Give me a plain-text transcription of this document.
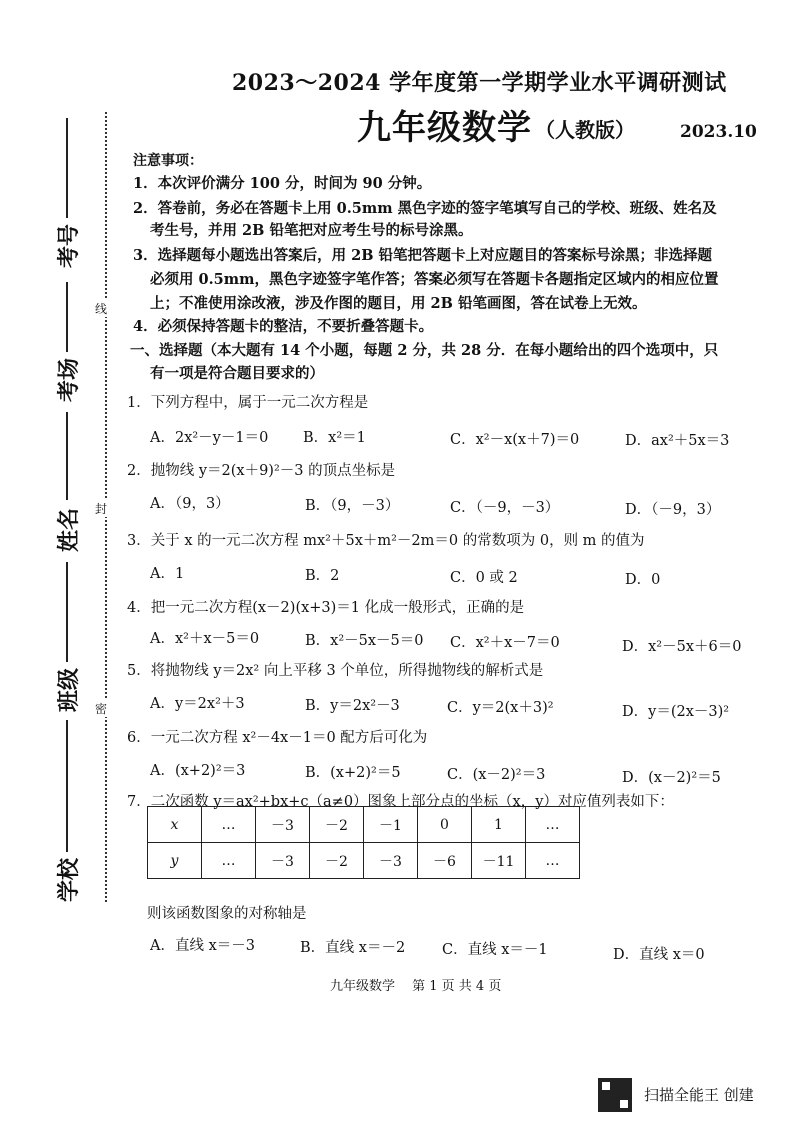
线
封
密
考号
考场
姓名
班级
学校
2023～2024 学年度第一学期学业水平调研测试
九年级数学 （人教版）	2023.10
注意事项：
1．本次评价满分 100 分，时间为 90 分钟。
2．答卷前，务必在答题卡上用 0.5mm 黑色字迹的签字笔填写自己的学校、班级、姓名及
考生号，并用 2B 铅笔把对应考生号的标号涂黑。
3．选择题每小题选出答案后，用 2B 铅笔把答题卡上对应题目的答案标号涂黑；非选择题
必须用 0.5mm，黑色字迹签字笔作答；答案必须写在答题卡各题指定区域内的相应位置
上；不准使用涂改液，涉及作图的题目，用 2B 铅笔画图，答在试卷上无效。
4．必须保持答题卡的整洁，不要折叠答题卡。
一、选择题（本大题有 14 个小题，每题 2 分，共 28 分．在每小题给出的四个选项中，只
有一项是符合题目要求的）
1．下列方程中，属于一元二次方程是
A．2x²－y－1＝0 B．x²＝1	C．x²－x(x＋7)＝0	D．ax²＋5x＝3
2．抛物线 y＝2(x＋9)²－3 的顶点坐标是
A．（9，3）	B．（9，－3）	C．（－9，－3）	D．（－9，3）
3．关于 x 的一元二次方程 mx²＋5x＋m²－2m＝0 的常数项为 0，则 m 的值为
A．1	B．2	C．0 或 2	D．0
4．把一元二次方程(x－2)(x+3)＝1 化成一般形式，正确的是
A．x²＋x－5＝0	B．x²－5x－5＝0 C．x²＋x－7＝0	D．x²－5x＋6＝0
5．将抛物线 y＝2x² 向上平移 3 个单位，所得抛物线的解析式是
A．y＝2x²＋3	B．y＝2x²－3	C．y＝2(x＋3)²	D．y＝(2x－3)²
6．一元二次方程 x²－4x－1＝0 配方后可化为
A．(x+2)²＝3	B．(x+2)²＝5	C．(x－2)²＝3	D．(x－2)²＝5
7．二次函数 y＝ax²+bx+c（a≠0）图象上部分点的坐标（x，y）对应值列表如下：
x	…	－3	－2	－1	0	1	…
y	…	－3	－2	－3	－6	－11	…
则该函数图象的对称轴是
A．直线 x＝－3	B．直线 x＝－2	C．直线 x＝－1	D．直线 x＝0
九年级数学　 第 1 页 共 4 页
扫描全能王 创建
